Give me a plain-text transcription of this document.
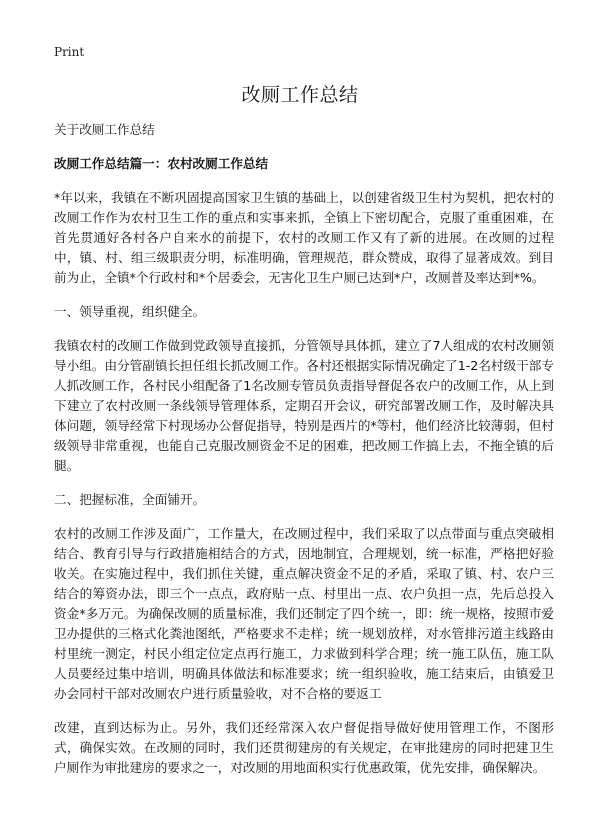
Print
改厕工作总结

关于改厕工作总结

改厕工作总结篇一：农村改厕工作总结

*年以来，我镇在不断巩固提高国家卫生镇的基础上，以创建省级卫生村为契机，把农村的改厕工作作为农村卫生工作的重点和实事来抓，全镇上下密切配合，克服了重重困难，在首先贯通好各村各户自来水的前提下，农村的改厕工作又有了新的进展。在改厕的过程中，镇、村、组三级职责分明，标准明确，管理规范，群众赞成，取得了显著成效。到目前为止，全镇*个行政村和*个居委会，无害化卫生户厕已达到*户，改厕普及率达到*%。

一、领导重视，组织健全。

我镇农村的改厕工作做到党政领导直接抓，分管领导具体抓，建立了7人组成的农村改厕领导小组。由分管副镇长担任组长抓改厕工作。各村还根据实际情况确定了1-2名村级干部专人抓改厕工作，各村民小组配备了1名改厕专管员负责指导督促各农户的改厕工作，从上到下建立了农村改厕一条线领导管理体系，定期召开会议，研究部署改厕工作，及时解决具体问题，领导经常下村现场办公督促指导，特别是西片的*等村，他们经济比较薄弱，但村级领导非常重视，也能自己克服改厕资金不足的困难，把改厕工作搞上去，不拖全镇的后腿。

二、把握标准，全面铺开。

农村的改厕工作涉及面广，工作量大，在改厕过程中，我们采取了以点带面与重点突破相结合、教育引导与行政措施相结合的方式，因地制宜，合理规划，统一标准，严格把好验收关。在实施过程中，我们抓住关键，重点解决资金不足的矛盾，采取了镇、村、农户三结合的筹资办法，即三个一点点，政府贴一点、村里出一点、农户负担一点，先后总投入资金*多万元。为确保改厕的质量标准，我们还制定了四个统一，即：统一规格，按照市爱卫办提供的三格式化粪池图纸，严格要求不走样；统一规划放样，对水管排污道主线路由村里统一测定，村民小组定位定点再行施工，力求做到科学合理；统一施工队伍，施工队人员要经过集中培训，明确具体做法和标准要求；统一组织验收，施工结束后，由镇爱卫办会同村干部对改厕农户进行质量验收，对不合格的要返工

改建，直到达标为止。另外，我们还经常深入农户督促指导做好使用管理工作，不图形式，确保实效。在改厕的同时，我们还贯彻建房的有关规定，在审批建房的同时把建卫生户厕作为审批建房的要求之一，对改厕的用地面积实行优惠政策，优先安排，确保解决。
